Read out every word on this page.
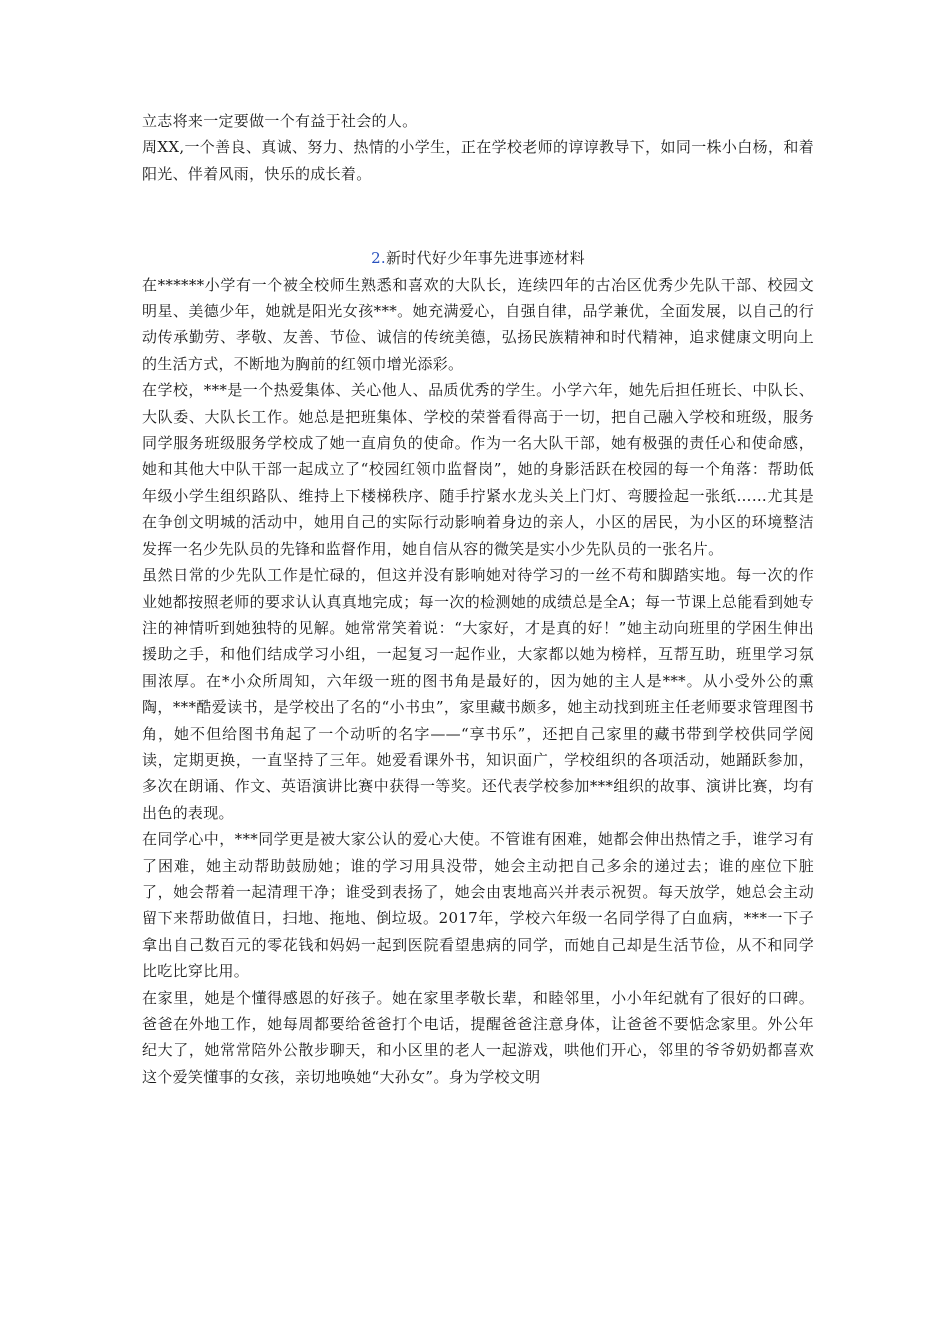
立志将来一定要做一个有益于社会的人。

周XX,一个善良、真诚、努力、热情的小学生，正在学校老师的谆谆教导下，如同一株小白杨，和着阳光、伴着风雨，快乐的成长着。

2.新时代好少年事先进事迹材料

在******小学有一个被全校师生熟悉和喜欢的大队长，连续四年的古冶区优秀少先队干部、校园文明星、美德少年，她就是阳光女孩***。她充满爱心，自强自律，品学兼优，全面发展，以自己的行动传承勤劳、孝敬、友善、节俭、诚信的传统美德，弘扬民族精神和时代精神，追求健康文明向上的生活方式，不断地为胸前的红领巾增光添彩。

在学校，***是一个热爱集体、关心他人、品质优秀的学生。小学六年，她先后担任班长、中队长、大队委、大队长工作。她总是把班集体、学校的荣誉看得高于一切，把自己融入学校和班级，服务同学服务班级服务学校成了她一直肩负的使命。作为一名大队干部，她有极强的责任心和使命感，她和其他大中队干部一起成立了“校园红领巾监督岗”，她的身影活跃在校园的每一个角落：帮助低年级小学生组织路队、维持上下楼梯秩序、随手拧紧水龙头关上门灯、弯腰捡起一张纸……尤其是在争创文明城的活动中，她用自己的实际行动影响着身边的亲人，小区的居民，为小区的环境整洁发挥一名少先队员的先锋和监督作用，她自信从容的微笑是实小少先队员的一张名片。

虽然日常的少先队工作是忙碌的，但这并没有影响她对待学习的一丝不苟和脚踏实地。每一次的作业她都按照老师的要求认认真真地完成；每一次的检测她的成绩总是全A；每一节课上总能看到她专注的神情听到她独特的见解。她常常笑着说：“大家好，才是真的好！”她主动向班里的学困生伸出援助之手，和他们结成学习小组，一起复习一起作业，大家都以她为榜样，互帮互助，班里学习氛围浓厚。在*小众所周知，六年级一班的图书角是最好的，因为她的主人是***。从小受外公的熏陶，***酷爱读书，是学校出了名的“小书虫”，家里藏书颇多，她主动找到班主任老师要求管理图书角，她不但给图书角起了一个动听的名字——“享书乐”，还把自己家里的藏书带到学校供同学阅读，定期更换，一直坚持了三年。她爱看课外书，知识面广，学校组织的各项活动，她踊跃参加，多次在朗诵、作文、英语演讲比赛中获得一等奖。还代表学校参加***组织的故事、演讲比赛，均有出色的表现。

在同学心中，***同学更是被大家公认的爱心大使。不管谁有困难，她都会伸出热情之手，谁学习有了困难，她主动帮助鼓励她；谁的学习用具没带，她会主动把自己多余的递过去；谁的座位下脏了，她会帮着一起清理干净；谁受到表扬了，她会由衷地高兴并表示祝贺。每天放学，她总会主动留下来帮助做值日，扫地、拖地、倒垃圾。2017年，学校六年级一名同学得了白血病，***一下子拿出自己数百元的零花钱和妈妈一起到医院看望患病的同学，而她自己却是生活节俭，从不和同学比吃比穿比用。

在家里，她是个懂得感恩的好孩子。她在家里孝敬长辈，和睦邻里，小小年纪就有了很好的口碑。爸爸在外地工作，她每周都要给爸爸打个电话，提醒爸爸注意身体，让爸爸不要惦念家里。外公年纪大了，她常常陪外公散步聊天，和小区里的老人一起游戏，哄他们开心，邻里的爷爷奶奶都喜欢这个爱笑懂事的女孩，亲切地唤她“大孙女”。身为学校文明
